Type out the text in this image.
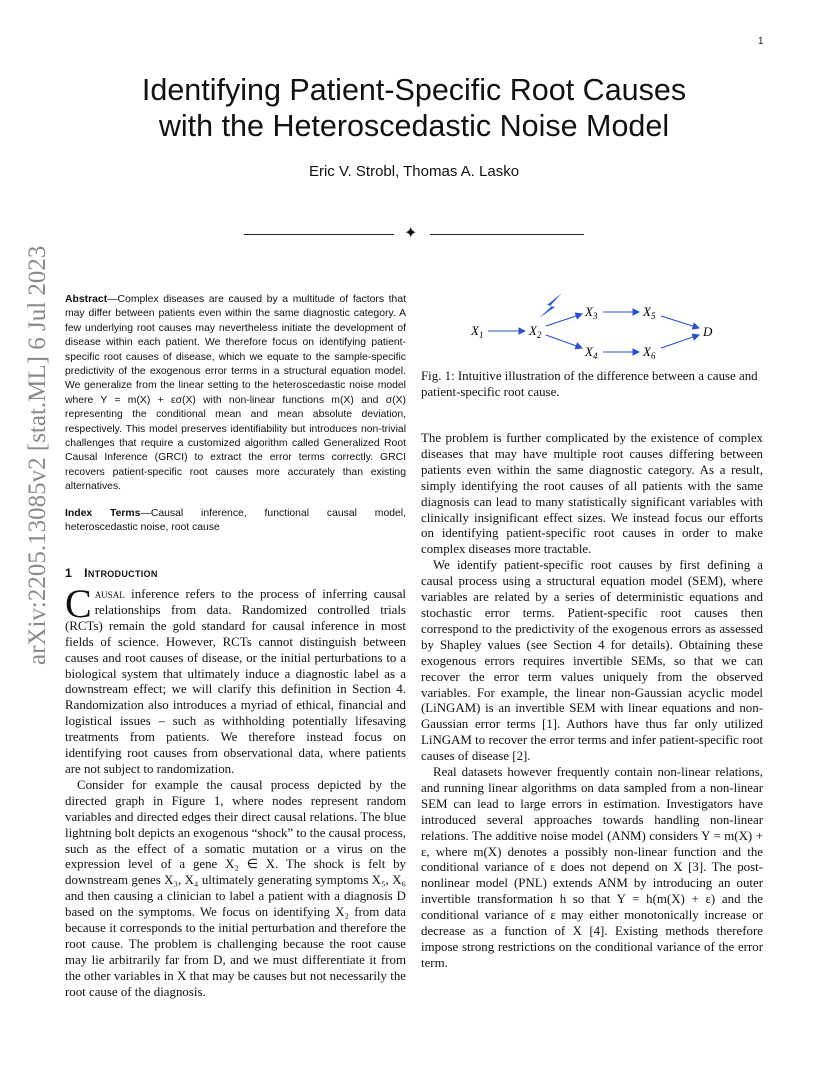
1
Identifying Patient-Specific Root Causes
with the Heteroscedastic Noise Model
Eric V. Strobl, Thomas A. Lasko
✦
arXiv:2205.13085v2 [stat.ML] 6 Jul 2023 Abstract—Complex diseases are caused by a multitude of factors that may differ between patients even within the same diagnostic category. A few underlying root causes may nevertheless initiate the development of disease within each patient. We therefore focus on identifying patient-specific root causes of disease, which we equate to the sample-specific predictivity of the exogenous error terms in a structural equation model. We generalize from the linear setting to the heteroscedastic noise model where Y = m(X) + εσ(X) with non-linear functions m(X) and σ(X) representing the conditional mean and mean absolute deviation, respectively. This model preserves identifiability but introduces non-trivial challenges that require a customized algorithm called Generalized Root Causal Inference (GRCI) to extract the error terms correctly. GRCI recovers patient-specific root causes more accurately than existing alternatives.
Index Terms—Causal inference, functional causal model, heteroscedastic noise, root cause
1 Introduction

Causal inference refers to the process of inferring causal relationships from data. Randomized controlled trials (RCTs) remain the gold standard for causal inference in most fields of science. However, RCTs cannot distinguish between causes and root causes of disease, or the initial perturbations to a biological system that ultimately induce a diagnostic label as a downstream effect; we will clarify this definition in Section 4. Randomization also introduces a myriad of ethical, financial and logistical issues – such as withholding potentially lifesaving treatments from patients. We therefore instead focus on identifying root causes from observational data, where patients are not subject to randomization.

Consider for example the causal process depicted by the directed graph in Figure 1, where nodes represent random variables and directed edges their direct causal relations. The blue lightning bolt depicts an exogenous “shock” to the causal process, such as the effect of a somatic mutation or a virus on the expression level of a gene X₂ ∈ X. The shock is felt by downstream genes X₃, X₄ ultimately generating symptoms X₅, X₆ and then causing a clinician to label a patient with a diagnosis D based on the symptoms. We focus on identifying X₂ from data because it corresponds to the initial perturbation and therefore the root cause. The problem is challenging because the root cause may lie arbitrarily far from D, and we must differentiate it from the other variables in X that may be causes but not necessarily the root cause of the diagnosis.

$X_1$	$X_2$
$X_3$	$X_5$
$X_4$	$X_6$
D
Fig. 1: Intuitive illustration of the difference between a cause and patient-specific root cause.

The problem is further complicated by the existence of complex diseases that may have multiple root causes differing between patients even within the same diagnostic category. As a result, simply identifying the root causes of all patients with the same diagnosis can lead to many statistically significant variables with clinically insignificant effect sizes. We instead focus our efforts on identifying patient-specific root causes in order to make complex diseases more tractable.

We identify patient-specific root causes by first defining a causal process using a structural equation model (SEM), where variables are related by a series of deterministic equations and stochastic error terms. Patient-specific root causes then correspond to the predictivity of the exogenous errors as assessed by Shapley values (see Section 4 for details). Obtaining these exogenous errors requires invertible SEMs, so that we can recover the error term values uniquely from the observed variables. For example, the linear non-Gaussian acyclic model (LiNGAM) is an invertible SEM with linear equations and non-Gaussian error terms [1]. Authors have thus far only utilized LiNGAM to recover the error terms and infer patient-specific root causes of disease [2].

Real datasets however frequently contain non-linear relations, and running linear algorithms on data sampled from a non-linear SEM can lead to large errors in estimation. Investigators have introduced several approaches towards handling non-linear relations. The additive noise model (ANM) considers Y = m(X) + ε, where m(X) denotes a possibly non-linear function and the conditional variance of ε does not depend on X [3]. The post-nonlinear model (PNL) extends ANM by introducing an outer invertible transformation h so that Y = h(m(X) + ε) and the conditional variance of ε may either monotonically increase or decrease as a function of X [4]. Existing methods therefore impose strong restrictions on the conditional variance of the error term.
